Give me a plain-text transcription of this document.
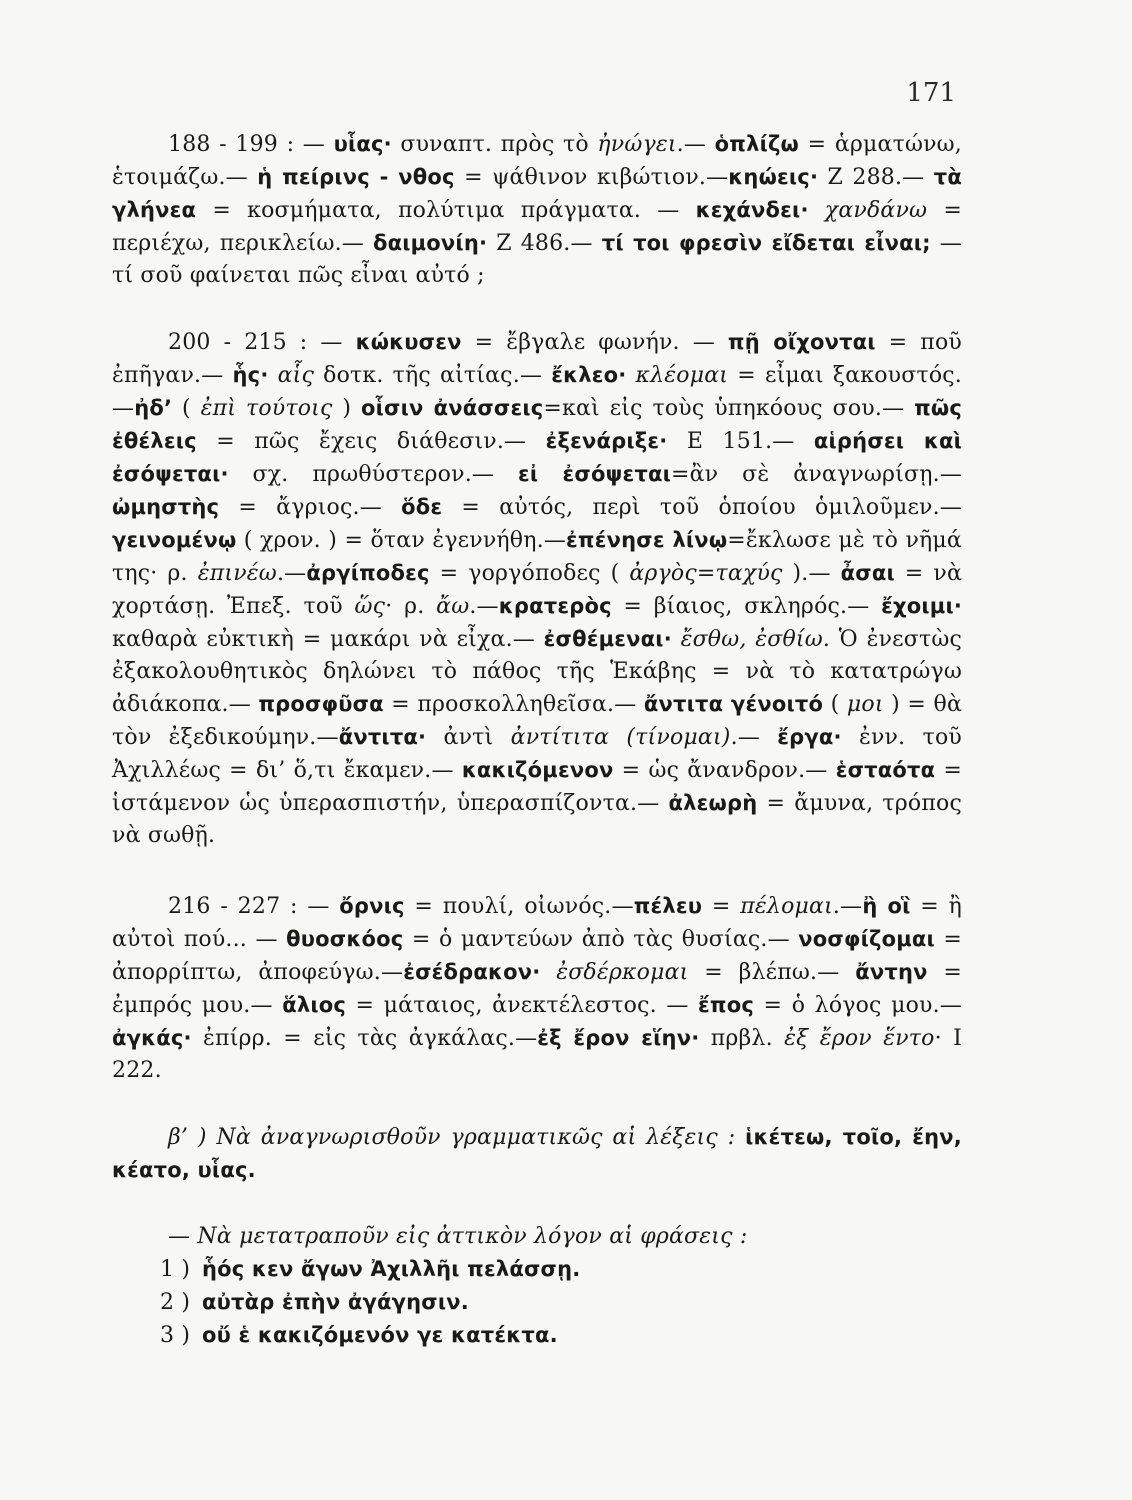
171

188 - 199 : — υἷας· συναπτ. πρὸς τὸ ἠνώγει.— ὁπλίζω = ἁρματώνω, ἑτοιμάζω.— ἡ πείρινς - νθος = ψάθινον κιβώτιον.—κηώεις· Ζ 288.— τὰ γλήνεα = κοσμήματα, πολύτιμα πράγματα. — κεχάνδει· χανδάνω = περιέχω, περικλείω.— δαιμονίη· Ζ 486.— τί τοι φρεσὶν εἴδεται εἶναι; — τί σοῦ φαίνεται πῶς εἶναι αὐτό ;

200 - 215 : — κώκυσεν = ἔβγαλε φωνήν. — πῇ οἴχονται = ποῦ ἐπῆγαν.— ἧς· αἷς δοτκ. τῆς αἰτίας.— ἔκλεο· κλέομαι = εἶμαι ξακουστός.—ἠδ’ ( ἐπὶ τούτοις ) οἷσιν ἀνάσσεις=καὶ εἰς τοὺς ὑπηκόους σου.— πῶς ἐθέλεις = πῶς ἔχεις διάθεσιν.— ἐξενάριξε· Ε 151.— αἱρήσει καὶ ἐσόψεται· σχ. πρωθύστερον.— εἰ ἐσόψεται=ἂν σὲ ἀναγνωρίσῃ.— ὠμηστὴς = ἄγριος.— ὅδε = αὐτός, περὶ τοῦ ὁποίου ὁμιλοῦμεν.—γεινομένῳ ( χρον. ) = ὅταν ἐγεννήθη.—ἐπένησε λίνῳ=ἔκλωσε μὲ τὸ νῆμά της· ρ. ἐπινέω.—ἀργίποδες = γοργόποδες ( ἀργὸς=ταχύς ).— ἆσαι = νὰ χορτάσῃ. Ἐπεξ. τοῦ ὥς· ρ. ἄω.—κρατερὸς = βίαιος, σκληρός.— ἔχοιμι· καθαρὰ εὐκτικὴ = μακάρι νὰ εἶχα.— ἐσθέμεναι· ἔσθω, ἐσθίω. Ὁ ἐνεστὼς ἐξακολουθητικὸς δηλώνει τὸ πάθος τῆς Ἑκάβης = νὰ τὸ κατατρώγω ἀδιάκοπα.— προσφῦσα = προσκολληθεῖσα.— ἄντιτα γένοιτό ( μοι ) = θὰ τὸν ἐξεδικούμην.—ἄντιτα· ἀντὶ ἀντίτιτα (τίνομαι).— ἔργα· ἐνν. τοῦ Ἀχιλλέως = δι’ ὅ,τι ἔκαμεν.— κακιζόμενον = ὡς ἄνανδρον.— ἑσταότα = ἱστάμενον ὡς ὑπερασπιστήν, ὑπερασπίζοντα.— ἀλεωρὴ = ἄμυνα, τρόπος νὰ σωθῇ.

216 - 227 : — ὄρνις = πουλί, οἰωνός.—πέλευ = πέλομαι.—ἢ οἳ = ἢ αὐτοὶ πού... — θυοσκόος = ὁ μαντεύων ἀπὸ τὰς θυσίας.— νοσφίζομαι = ἀπορρίπτω, ἀποφεύγω.—ἐσέδρακον· ἐσδέρκομαι = βλέπω.— ἄντην = ἐμπρός μου.— ἅλιος = μάταιος, ἀνεκτέλεστος. — ἔπος = ὁ λόγος μου.— ἀγκάς· ἐπίρρ. = εἰς τὰς ἀγκάλας.—ἐξ ἔρον εἵην· πρβλ. ἐξ ἔρον ἕντο· Ι 222.

β’ ) Νὰ ἀναγνωρισθοῦν γραμματικῶς αἱ λέξεις : ἱκέτεω, τοῖο, ἔην, κέατο, υἷας.

— Νὰ μετατραποῦν εἰς ἀττικὸν λόγον αἱ φράσεις :

1 ) ἧός κεν ἄγων Ἀχιλλῆι πελάσσῃ.

2 ) αὐτὰρ ἐπὴν ἀγάγησιν.

3 ) οὔ ἑ κακιζόμενόν γε κατέκτα.
